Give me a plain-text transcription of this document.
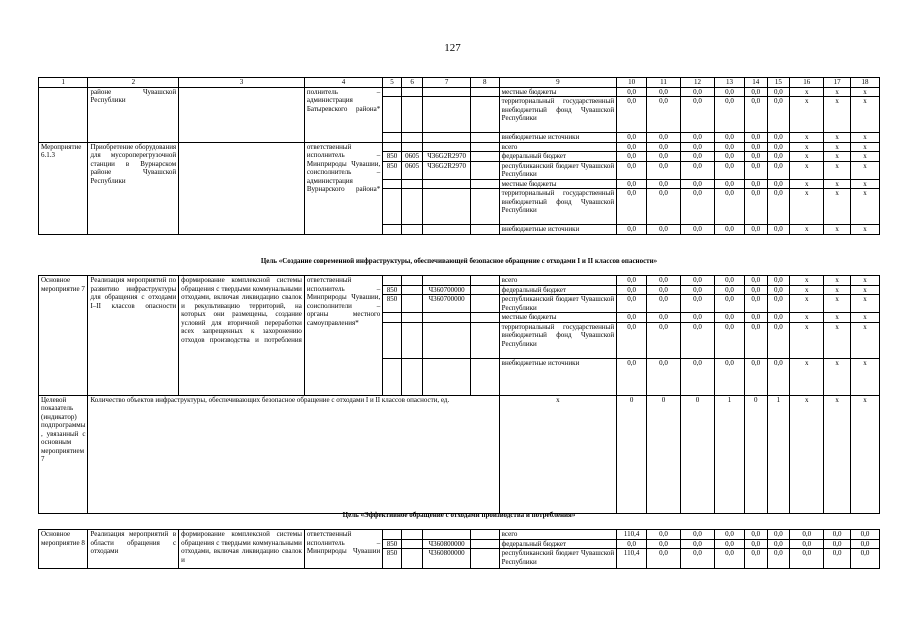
127
1	2	3	4	5	6	7	8	9	10	11	12	13	14	15	16	17	18
	районе Чувашской Республики		полнитель – администрация Батыревского района*					местные бюджеты	0,0	0,0	0,0	0,0	0,0	0,0	x	x	x
								территориальный государственный внебюджетный фонд Чувашской Республики	0,0	0,0	0,0	0,0	0,0	0,0	x	x	x
								внебюджетные источники	0,0	0,0	0,0	0,0	0,0	0,0	x	x	x
Мероприятие 6.1.3	Приобретение оборудования для мусороперегрузочной станции в Вурнарском районе Чувашской Республики		ответственный исполнитель – Минприроды Чувашии, соисполнитель – администрация Вурнарского района*					всего	0,0	0,0	0,0	0,0	0,0	0,0	x	x	x
				850	0605	Ч36G2R2970		федеральный бюджет	0,0	0,0	0,0	0,0	0,0	0,0	x	x	x
				850	0605	Ч36G2R2970		республиканский бюджет Чувашской Республики	0,0	0,0	0,0	0,0	0,0	0,0	x	x	x
								местные бюджеты	0,0	0,0	0,0	0,0	0,0	0,0	x	x	x
								территориальный государственный внебюджетный фонд Чувашской Республики	0,0	0,0	0,0	0,0	0,0	0,0	x	x	x
								внебюджетные источники	0,0	0,0	0,0	0,0	0,0	0,0	x	x	x
Цель «Создание современной инфраструктуры, обеспечивающей безопасное обращение с отходами I и II классов опасности»
Основное мероприятие 7	Реализация мероприятий по развитию инфраструктуры для обращения с отходами I–II классов опасности	формирование комплексной системы обращения с твердыми коммунальными отходами, включая ликвидацию свалок и рекультивацию территорий, на которых они размещены, создание условий для вторичной переработки всех запрещенных к захоронению отходов производства и потребления	ответственный исполнитель – Минприроды Чувашии, соисполнители – органы местного самоуправления*					всего	0,0	0,0	0,0	0,0	0,0	0,0	x	x	x
				850		Ч360700000		федеральный бюджет	0,0	0,0	0,0	0,0	0,0	0,0	x	x	x
				850		Ч360700000		республиканский бюджет Чувашской Республики	0,0	0,0	0,0	0,0	0,0	0,0	x	x	x
								местные бюджеты	0,0	0,0	0,0	0,0	0,0	0,0	x	x	x
								территориальный государственный внебюджетный фонд Чувашской Республики	0,0	0,0	0,0	0,0	0,0	0,0	x	x	x
								внебюджетные источники	0,0	0,0	0,0	0,0	0,0	0,0	x	x	x
Целевой показатель (индикатор) подпрограммы, увязанный с основным мероприятием 7	Количество объектов инфраструктуры, обеспечивающих безопасное обращение с отходами I и II классов опасности, ед.							x	0	0	0	1	0	1	x	x	x
Цель «Эффективное обращение с отходами производства и потребления»
Основное мероприятие 8	Реализация мероприятий в области обращения с отходами	формирование комплексной системы обращения с твердыми коммунальными отходами, включая ликвидацию свалок и	ответственный исполнитель – Минприроды Чувашии					всего	110,4	0,0	0,0	0,0	0,0	0,0	0,0	0,0	0,0
				850		Ч360800000		федеральный бюджет	0,0	0,0	0,0	0,0	0,0	0,0	0,0	0,0	0,0
				850		Ч360800000		республиканский бюджет Чувашской Республики	110,4	0,0	0,0	0,0	0,0	0,0	0,0	0,0	0,0
